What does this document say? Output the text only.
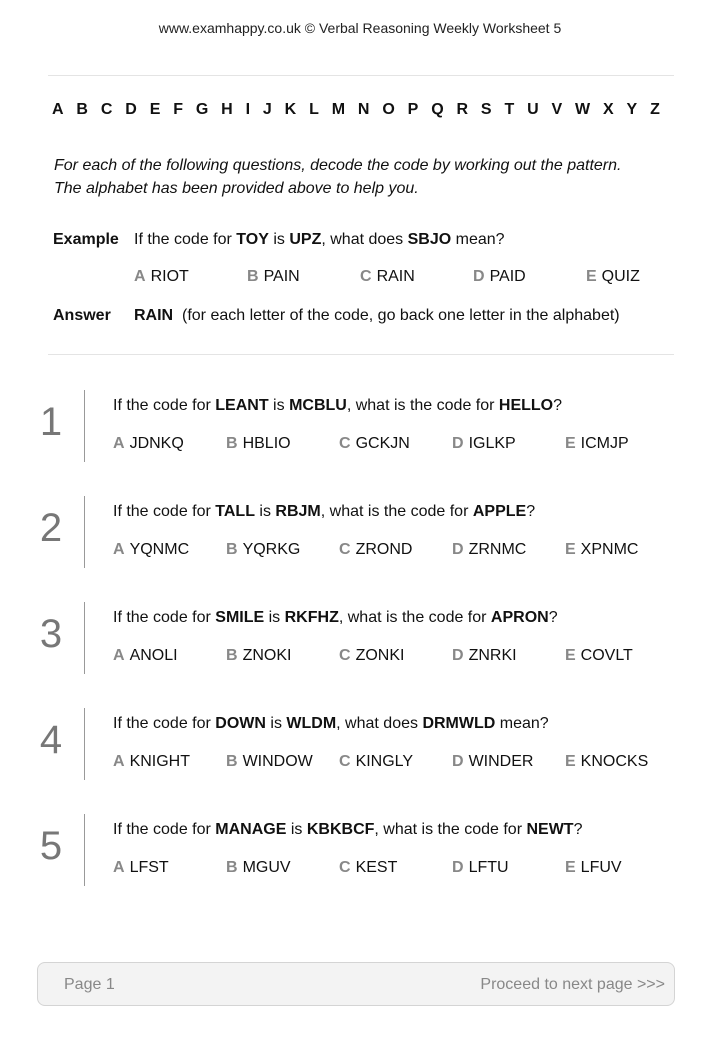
www.examhappy.co.uk © Verbal Reasoning Weekly Worksheet 5
A B C D E F G H I J K L M N O P Q R S T U V W X Y Z
For each of the following questions, decode the code by working out the pattern.
The alphabet has been provided above to help you.
Example If the code for TOY is UPZ, what does SBJO mean?
A RIOT	B PAIN	C RAIN	D PAID	E QUIZ
Answer RAIN (for each letter of the code, go back one letter in the alphabet)
1	If the code for LEANT is MCBLU, what is the code for HELLO?
A JDNKQ	B HBLIO	C GCKJN	D IGLKP	E ICMJP
2	If the code for TALL is RBJM, what is the code for APPLE?
A YQNMC B YQRKG C ZROND D ZRNMC E XPNMC
3	If the code for SMILE is RKFHZ, what is the code for APRON?
A ANOLI	B ZNOKI	C ZONKI	D ZNRKI	E COVLT
4	If the code for DOWN is WLDM, what does DRMWLD mean?
A KNIGHT B WINDOW C KINGLY D WINDER E KNOCKS
5	If the code for MANAGE is KBKBCF, what is the code for NEWT?
A LFST	B MGUV	C KEST	D LFTU	E LFUV
Page 1	Proceed to next page >>>
